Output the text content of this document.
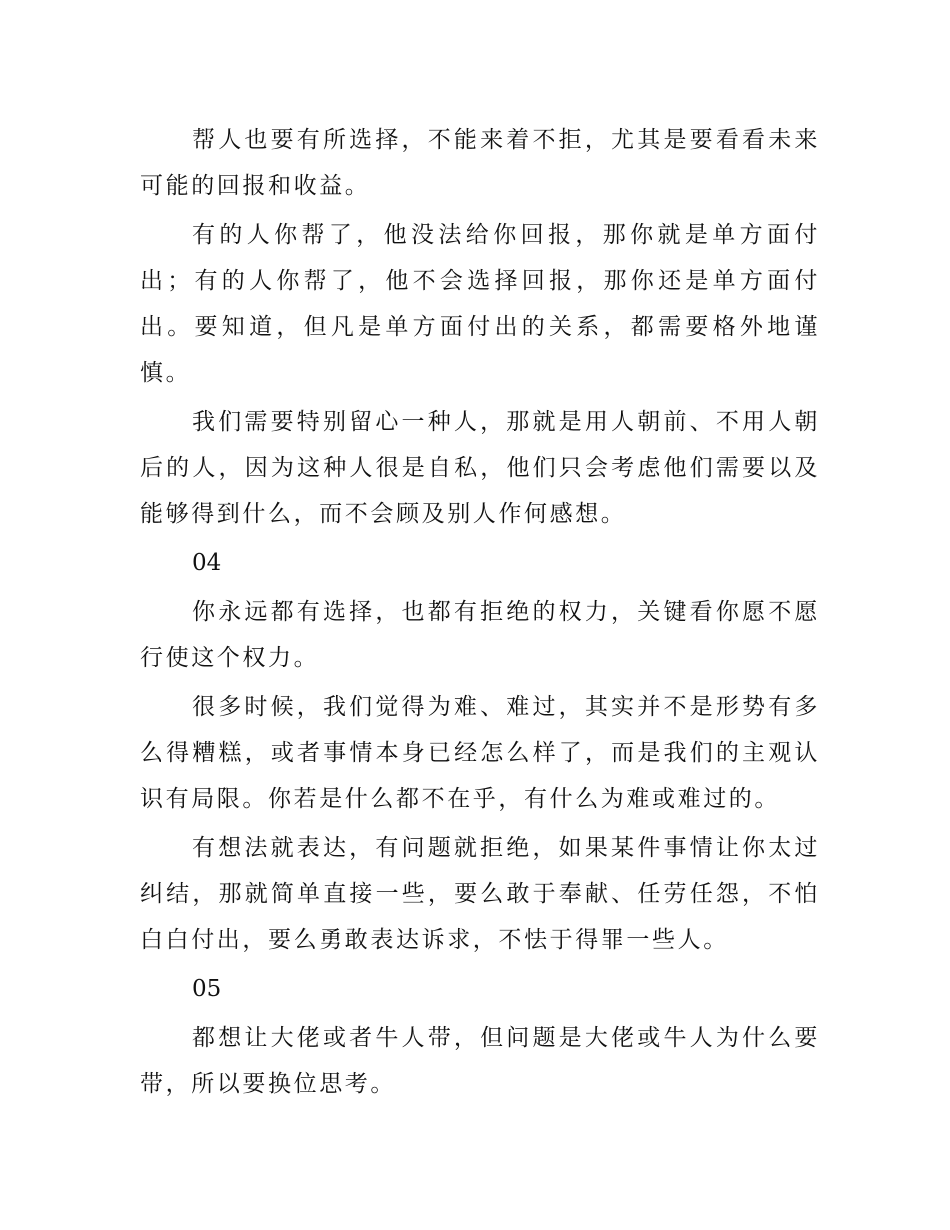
帮人也要有所选择，不能来着不拒，尤其是要看看未来可能的回报和收益。

有的人你帮了，他没法给你回报，那你就是单方面付出；有的人你帮了，他不会选择回报，那你还是单方面付出。要知道，但凡是单方面付出的关系，都需要格外地谨慎。

我们需要特别留心一种人，那就是用人朝前、不用人朝后的人，因为这种人很是自私，他们只会考虑他们需要以及能够得到什么，而不会顾及别人作何感想。

04

你永远都有选择，也都有拒绝的权力，关键看你愿不愿行使这个权力。

很多时候，我们觉得为难、难过，其实并不是形势有多么得糟糕，或者事情本身已经怎么样了，而是我们的主观认识有局限。你若是什么都不在乎，有什么为难或难过的。

有想法就表达，有问题就拒绝，如果某件事情让你太过纠结，那就简单直接一些，要么敢于奉献、任劳任怨，不怕白白付出，要么勇敢表达诉求，不怯于得罪一些人。

05

都想让大佬或者牛人带，但问题是大佬或牛人为什么要带，所以要换位思考。
